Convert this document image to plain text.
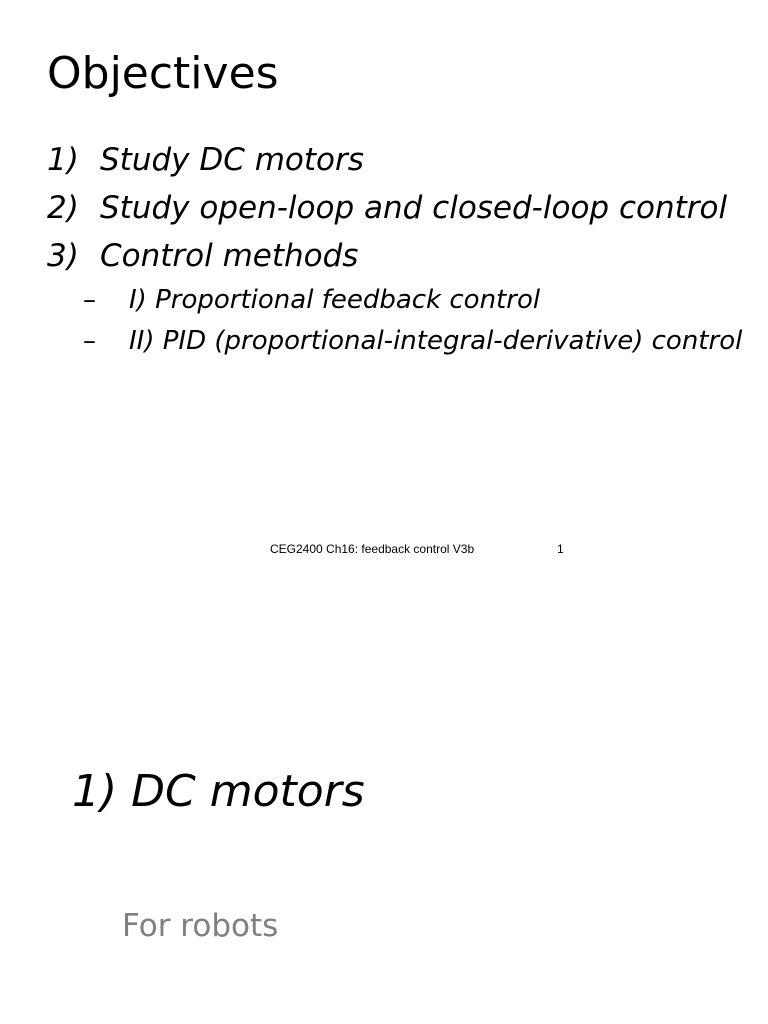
Objectives
1) Study DC motors
2) Study open-loop and closed-loop control
3) Control methods
–	I) Proportional feedback control
–	II) PID (proportional-integral-derivative) control
CEG2400 Ch16: feedback control V3b	1
1) DC motors
For robots
